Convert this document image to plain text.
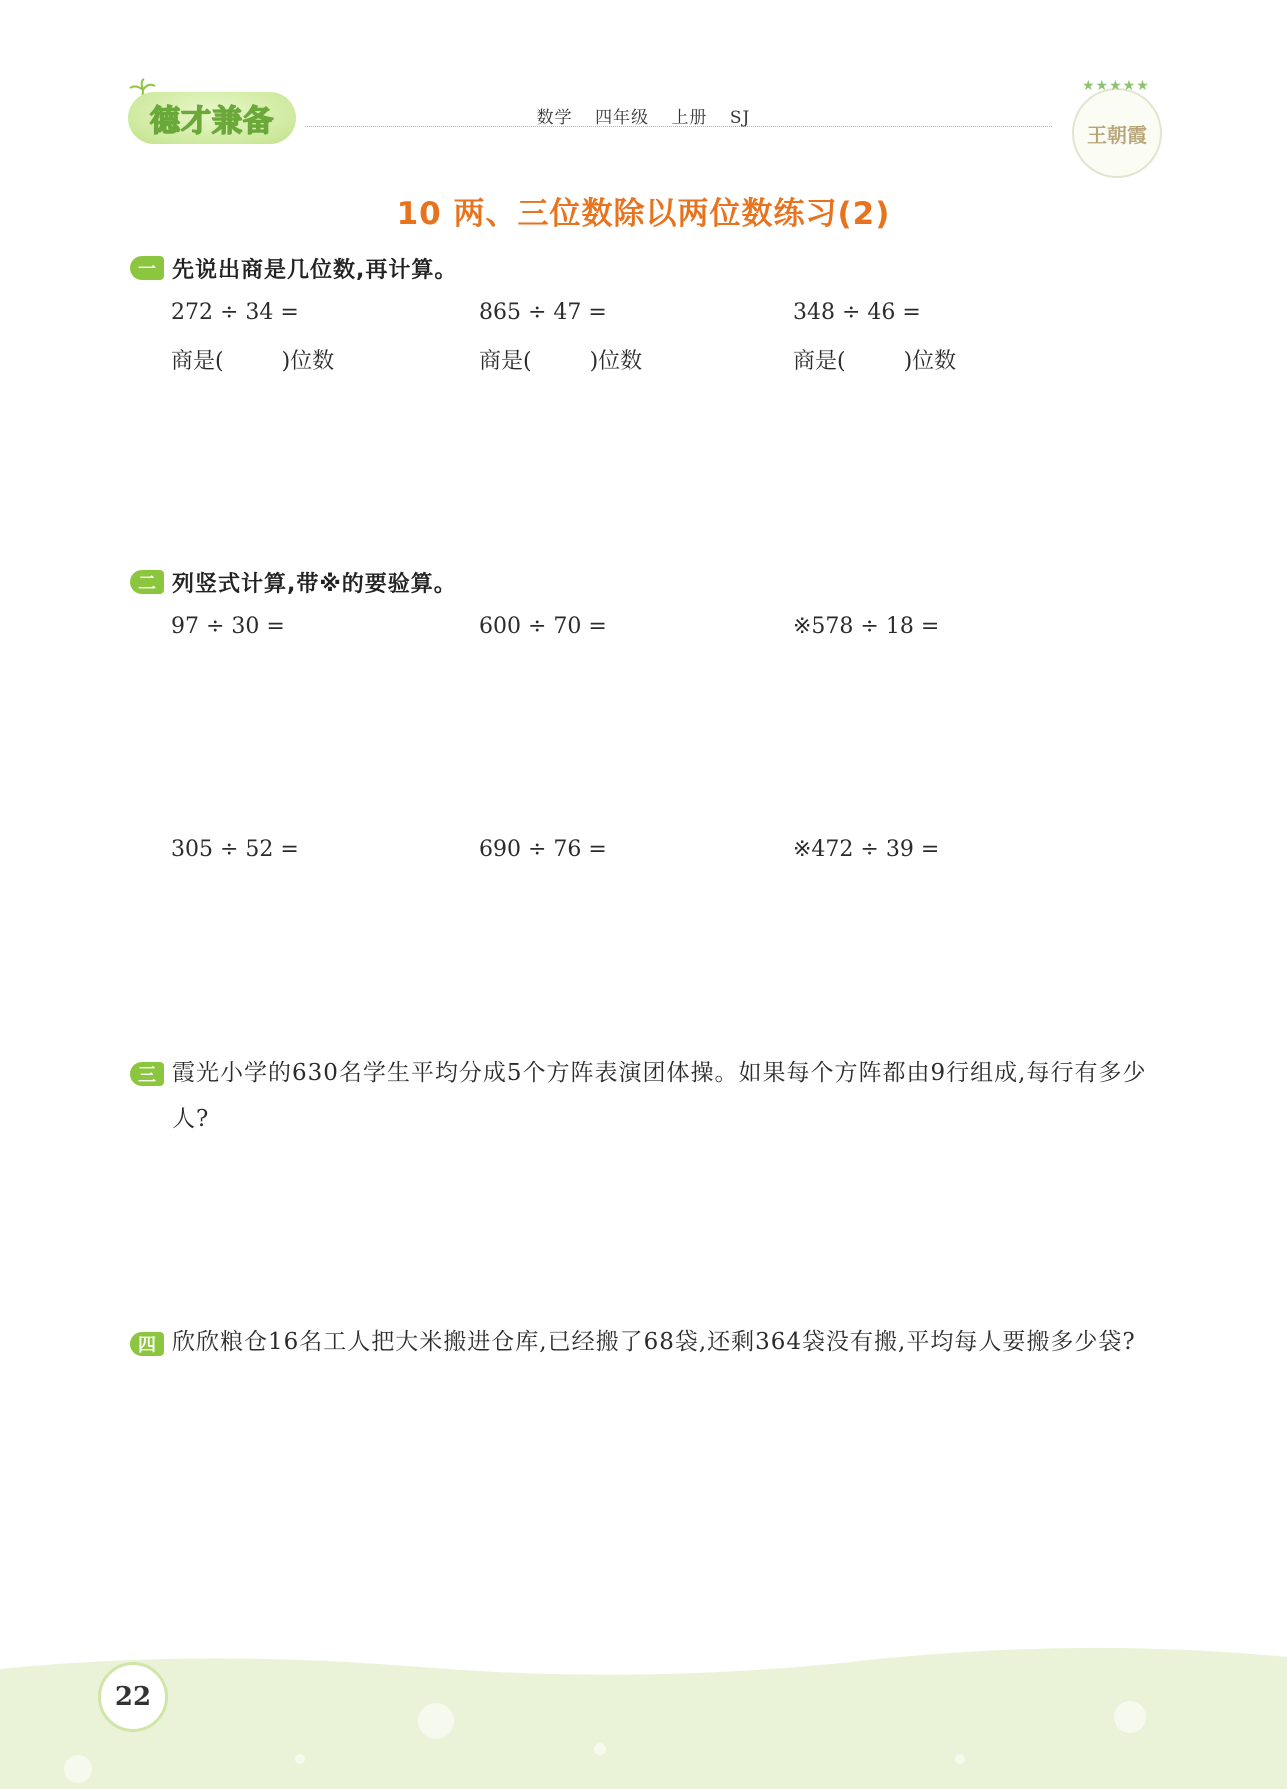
德才兼备	数学 四年级 上册 SJ
★★★★★
王朝霞
10 两、三位数除以两位数练习(2)
一 先说出商是几位数,再计算。
272 ÷ 34 =	865 ÷ 47 =	348 ÷ 46 =
商是(	)位数	商是(	)位数	商是(	)位数
二 列竖式计算,带※的要验算。
97 ÷ 30 =	600 ÷ 70 =	※578 ÷ 18 =
305 ÷ 52 =	690 ÷ 76 =	※472 ÷ 39 =
三 霞光小学的630名学生平均分成5个方阵表演团体操。如果每个方阵都由9行组成,每行有多少人?
四 欣欣粮仓16名工人把大米搬进仓库,已经搬了68袋,还剩364袋没有搬,平均每人要搬多少袋?
22
